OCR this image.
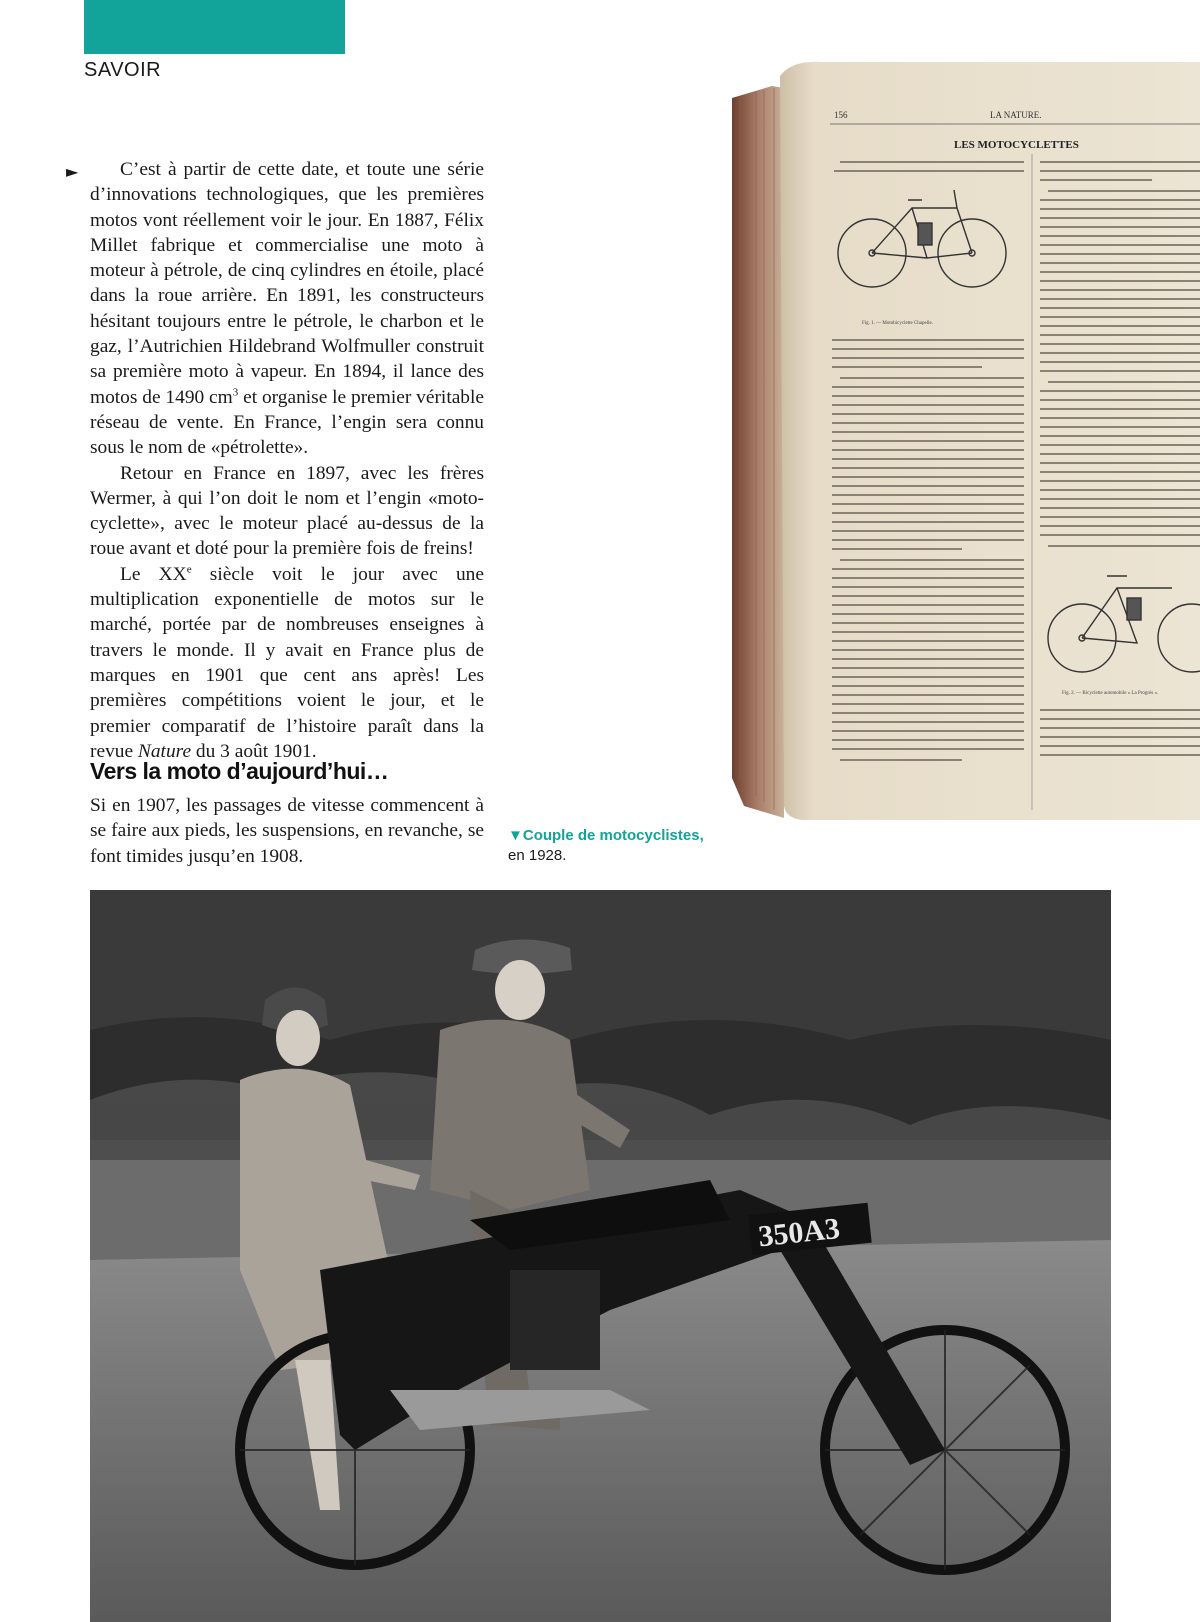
SAVOIR
►	C’est à partir de cette date, et toute une série d’innovations technologiques, que les premières motos vont réellement voir le jour. En 1887, Félix Millet fabrique et commercialise une moto à moteur à pétrole, de cinq cylindres en étoile, placé dans la roue arrière. En 1891, les constructeurs hésitant toujours entre le pétrole, le charbon et le gaz, l’Autrichien Hildebrand Wolfmuller construit sa première moto à vapeur. En 1894, il lance des motos de 1490 $cm^3$ et organise le premier véritable réseau de vente. En France, l’engin sera connu sous le nom de «pétrolette».

Retour en France en 1897, avec les frères Wermer, à qui l’on doit le nom et l’engin «moto-cyclette», avec le moteur placé au-dessus de la roue avant et doté pour la première fois de freins!

Le XXe siècle voit le jour avec une multiplication exponentielle de motos sur le marché, portée par de nombreuses enseignes à travers le monde. Il y avait en France plus de marques en 1901 que cent ans après! Les premières compétitions voient le jour, et le premier comparatif de l’histoire paraît dans la revue Nature du 3 août 1901.

Vers la moto d’aujourd’hui…

Si en 1907, les passages de vitesse commencent à se faire aux pieds, les suspensions, en revanche, se font timides jusqu’en 1908.

▼Couple de motocyclistes, en 1928.
156	LA NATURE.
LES MOTOCYCLETTES
Fig. 1. — Motobicyclette Chapelle.
Fig. 2. — Bicyclette automobile « La Progrès ».
350A3
